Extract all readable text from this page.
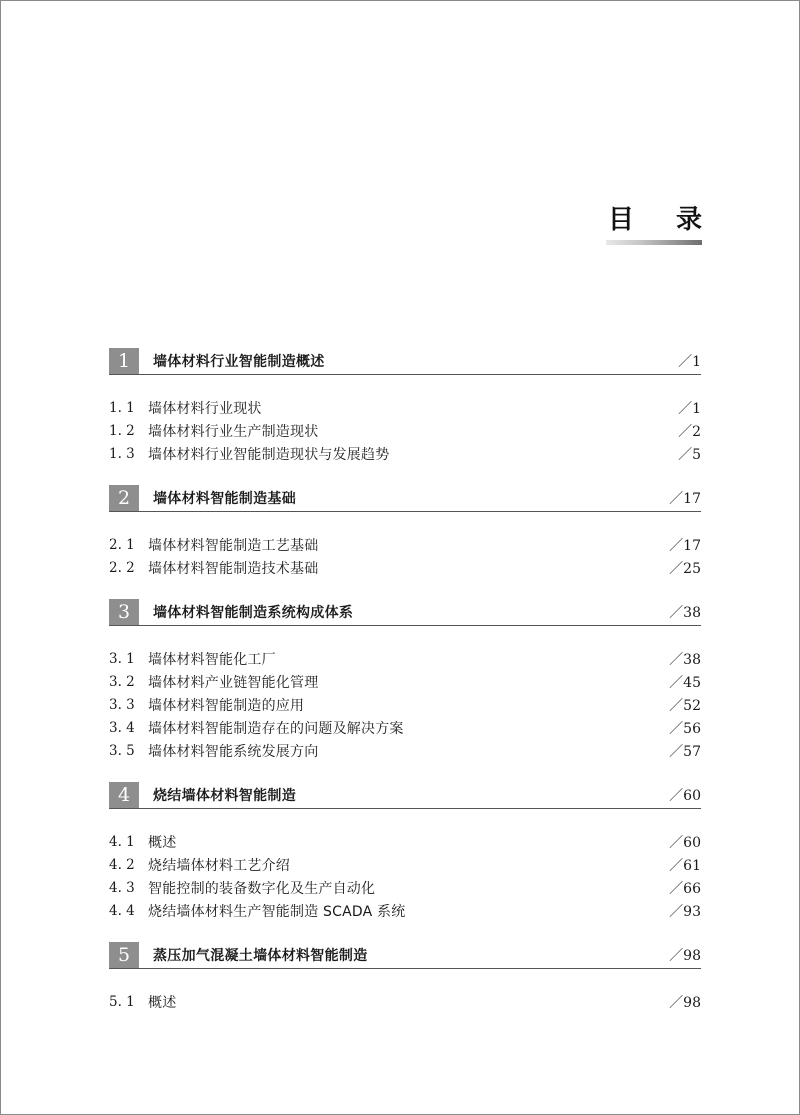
目 录
1	墙体材料行业智能制造概述	／1
1. 1 墙体材料行业现状	／1
1. 2 墙体材料行业生产制造现状	／2
1. 3 墙体材料行业智能制造现状与发展趋势	／5
2	墙体材料智能制造基础	／17
2. 1 墙体材料智能制造工艺基础	／17
2. 2 墙体材料智能制造技术基础	／25
3	墙体材料智能制造系统构成体系	／38
3. 1 墙体材料智能化工厂	／38
3. 2 墙体材料产业链智能化管理	／45
3. 3 墙体材料智能制造的应用	／52
3. 4 墙体材料智能制造存在的问题及解决方案	／56
3. 5 墙体材料智能系统发展方向	／57
4	烧结墙体材料智能制造	／60
4. 1 概述	／60
4. 2 烧结墙体材料工艺介绍	／61
4. 3 智能控制的装备数字化及生产自动化	／66
4. 4 烧结墙体材料生产智能制造 SCADA 系统	／93
5	蒸压加气混凝土墙体材料智能制造	／98
5. 1 概述	／98
